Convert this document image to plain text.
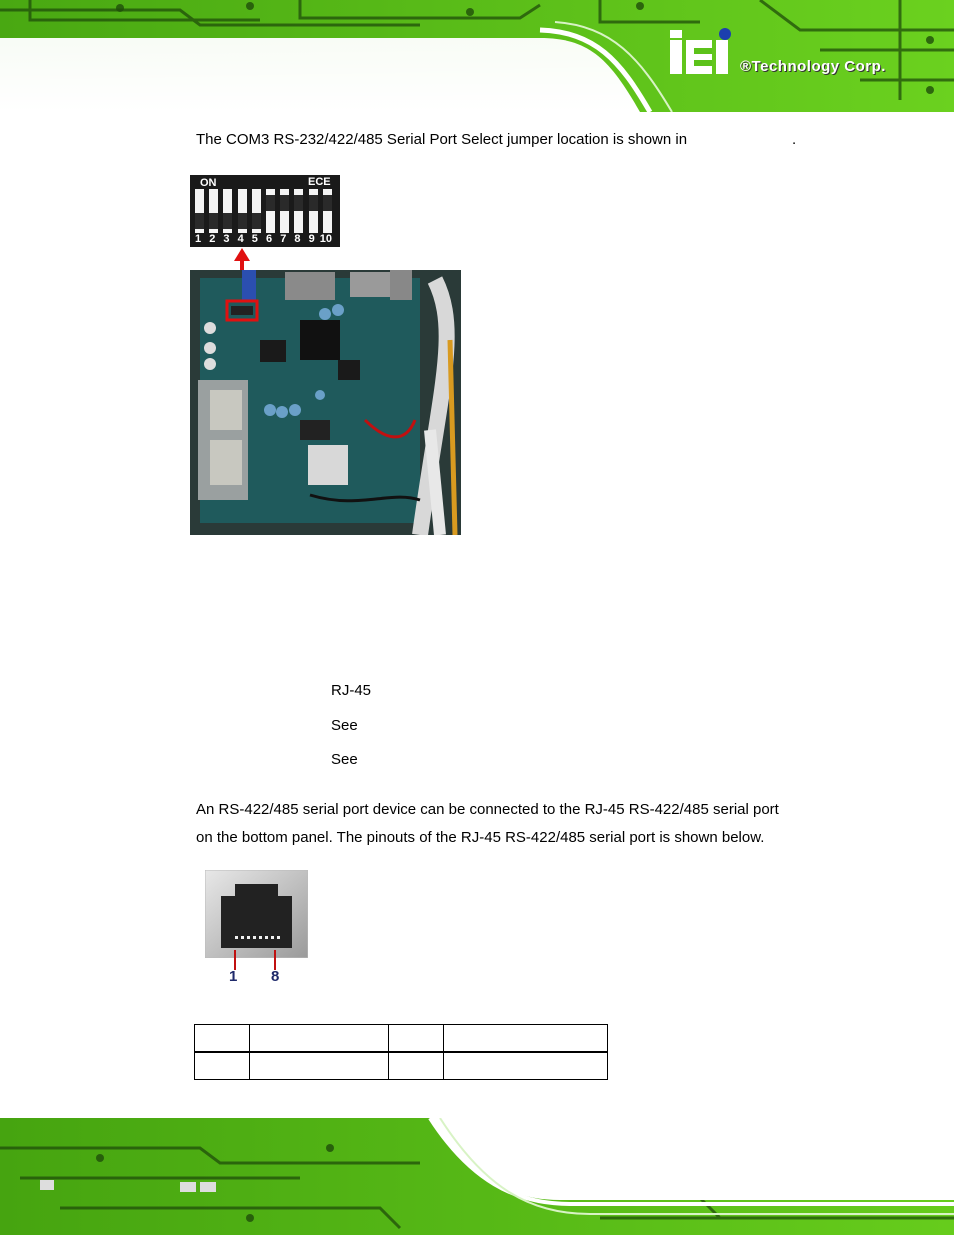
®Technology Corp.
The COM3 RS-232/422/485 Serial Port Select jumper location is shown in	.
ON	ECE
1 2 3 4 5 6 7 8 9 10
RJ-45
See
See
An RS-422/485 serial port device can be connected to the RJ-45 RS-422/485 serial port
on the bottom panel. The pinouts of the RJ-45 RS-422/485 serial port is shown below.
1 8
